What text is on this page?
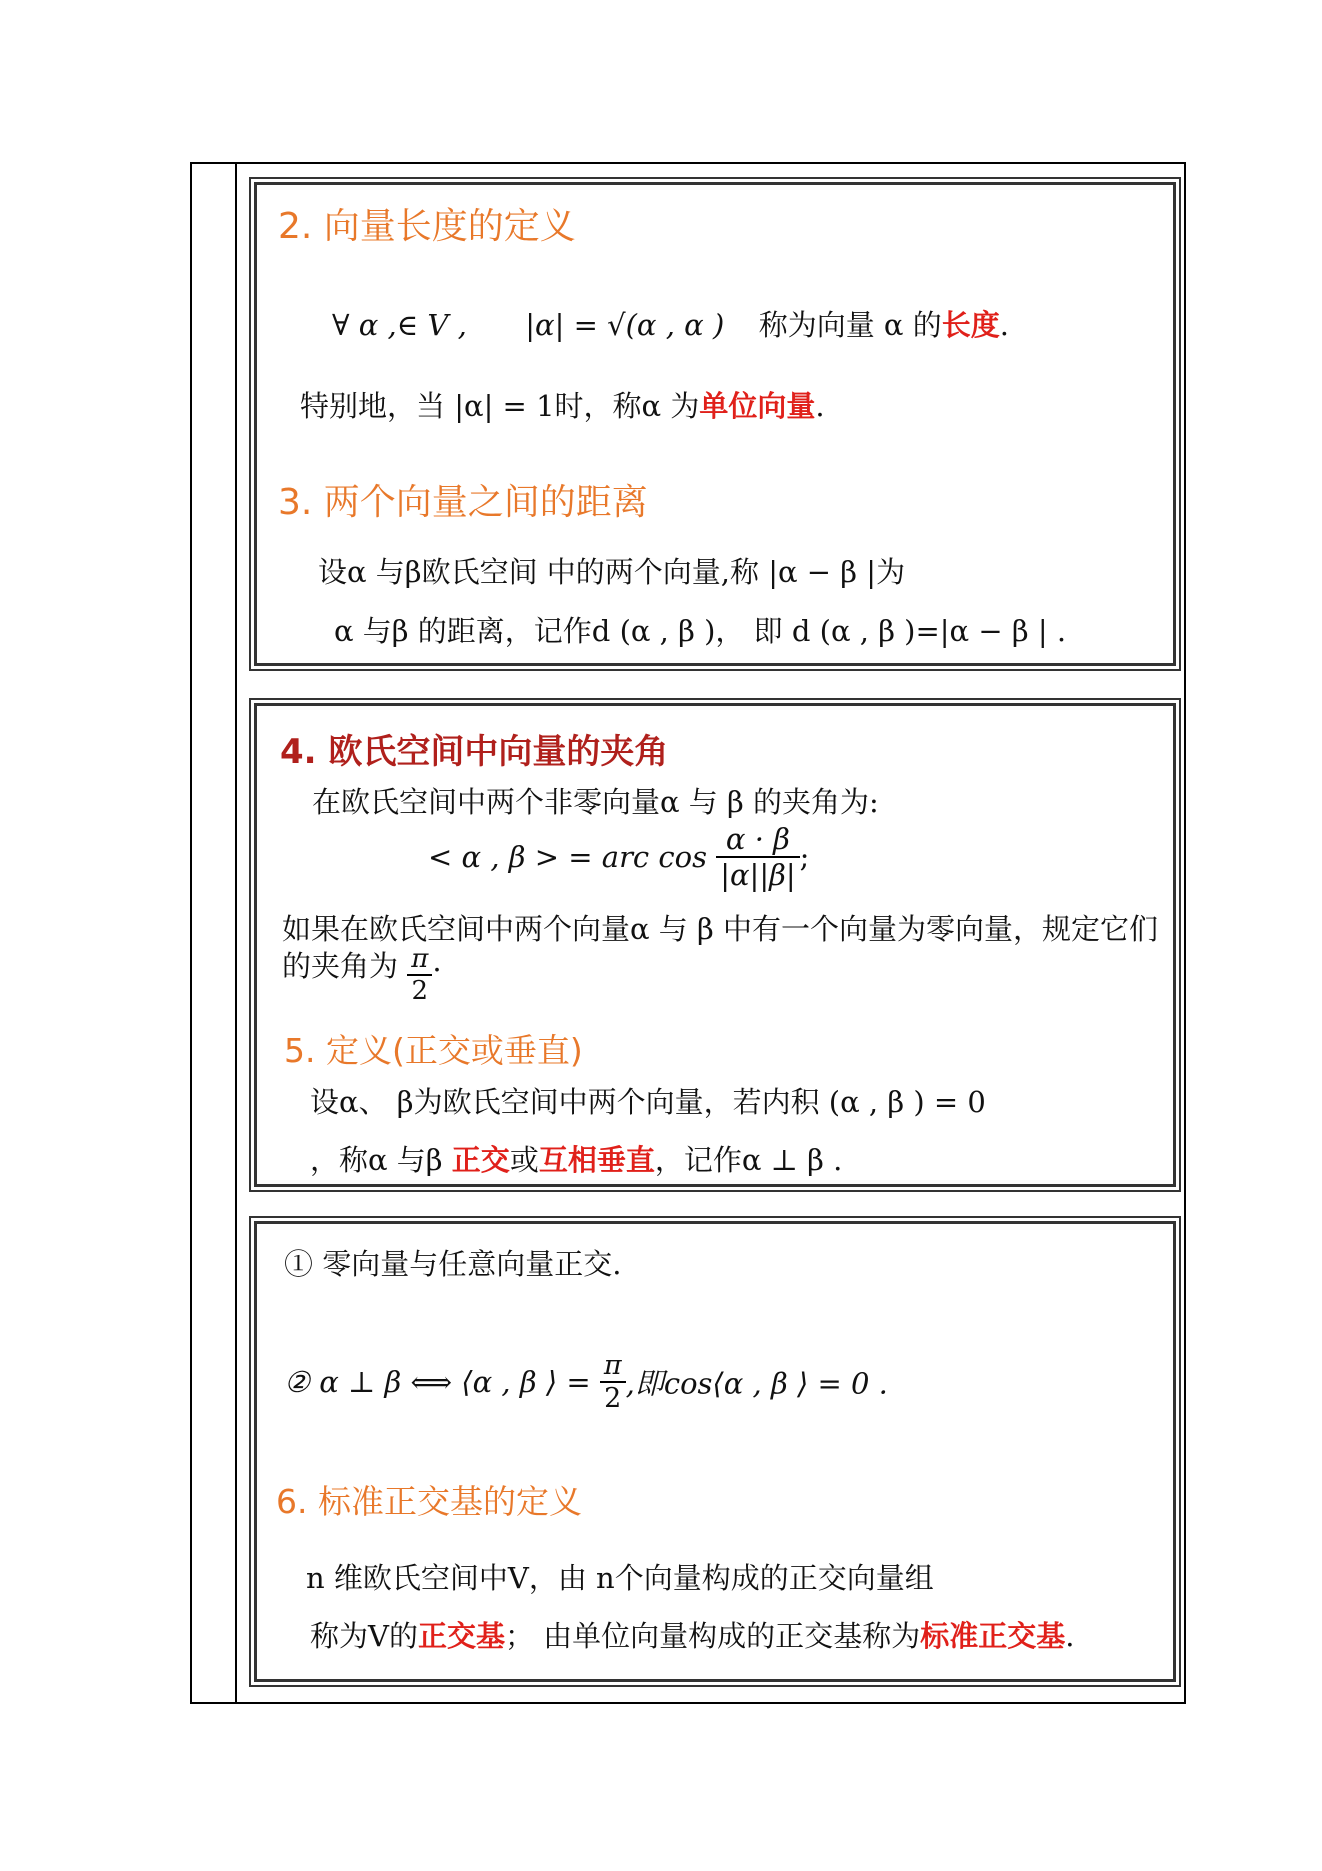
2. 向量长度的定义
∀ α ,∈ V , |α| = √(α , α ) 称为向量 α 的长度.
特别地，当 |α| = 1时，称α 为单位向量.
3. 两个向量之间的距离
设α 与β欧氏空间 中的两个向量,称 |α − β |为
α 与β 的距离，记作d (α , β )， 即 d (α , β )=|α − β | .
4. 欧氏空间中向量的夹角
在欧氏空间中两个非零向量α 与 β 的夹角为:
< α , β > = arc $\cos \frac{\alpha \cdot \beta}{|\alpha||\beta|}$ ;
如果在欧氏空间中两个向量α 与 β 中有一个向量为零向量，规定它们
的夹角为 $\frac{\pi}{2}$ .
5. 定义(正交或垂直)
设α、 β为欧氏空间中两个向量，若内积 (α , β ) = 0
，称α 与β 正交或互相垂直，记作α ⊥ β .
① 零向量与任意向量正交.
② α ⊥ β ⟺ ⟨α , β ⟩ = $\frac{\pi}{2}$ ,即cos⟨α , β ⟩ = 0 .
6. 标准正交基的定义
n 维欧氏空间中V，由 n个向量构成的正交向量组
称为V的正交基； 由单位向量构成的正交基称为标准正交基.
